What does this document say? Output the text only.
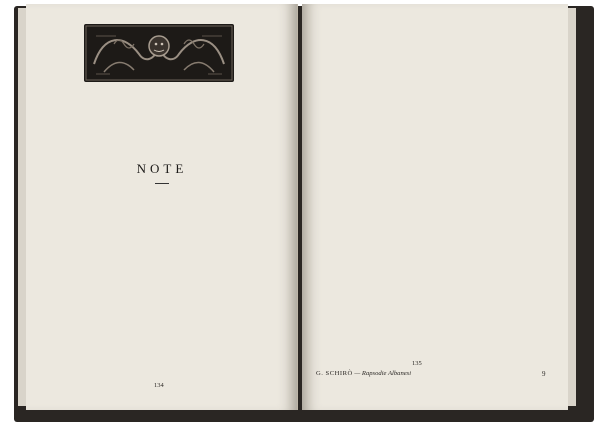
NOTE

134

135
G. SCHIRÒ — Rapsodie Albanesi	9
